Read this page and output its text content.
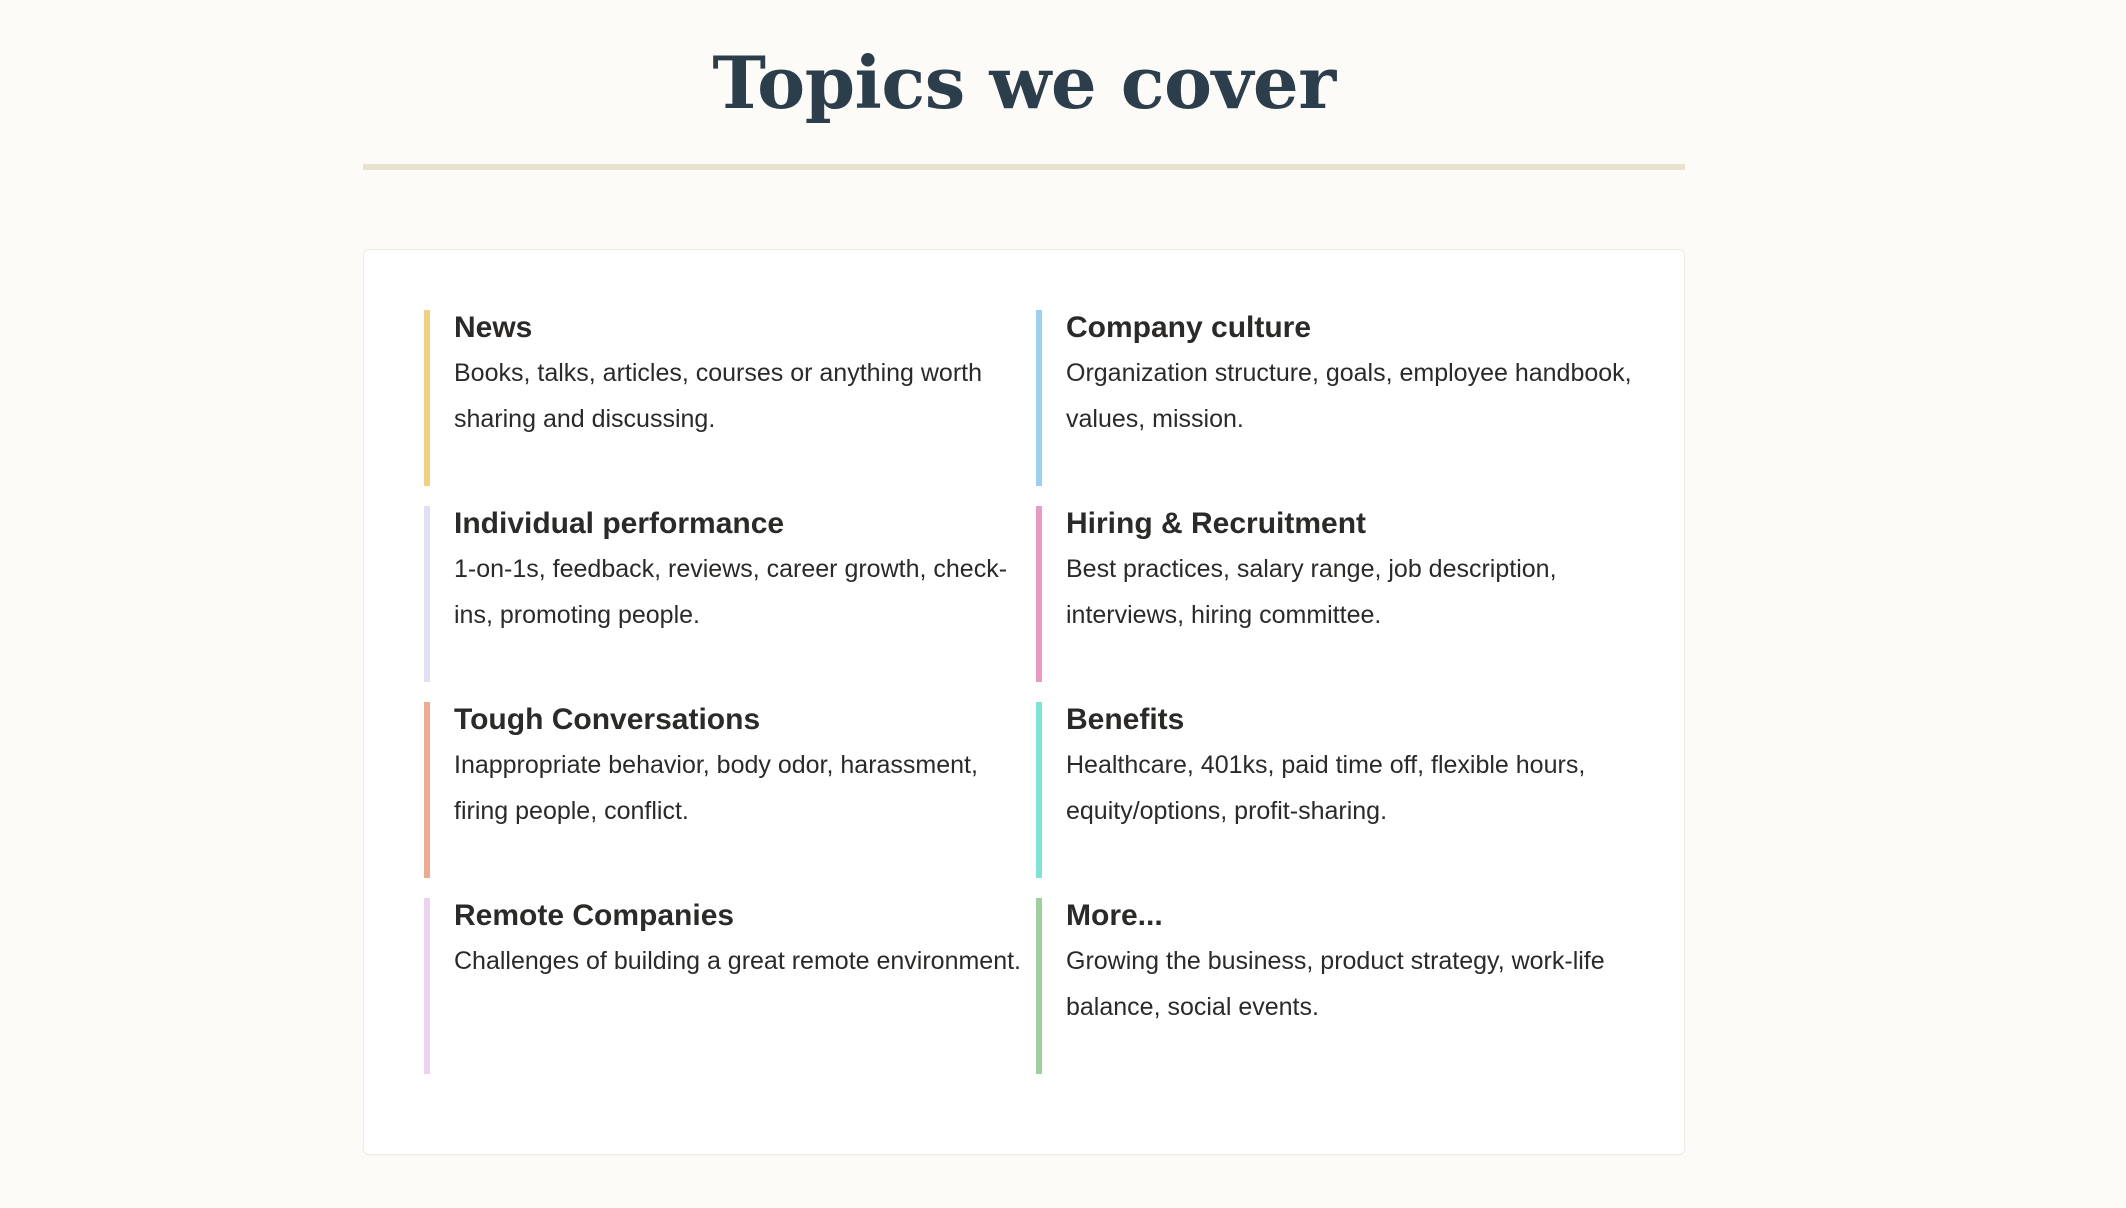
Topics we cover
News

Books, talks, articles, courses or anything worth sharing and discussing.

Company culture

Organization structure, goals, employee handbook, values, mission.

Individual performance

1-on-1s, feedback, reviews, career growth, check-ins, promoting people.

Hiring & Recruitment

Best practices, salary range, job description, interviews, hiring committee.

Tough Conversations

Inappropriate behavior, body odor, harassment, firing people, conflict.

Benefits

Healthcare, 401ks, paid time off, flexible hours, equity/options, profit-sharing.

Remote Companies

Challenges of building a great remote environment.

More...

Growing the business, product strategy, work-life balance, social events.
